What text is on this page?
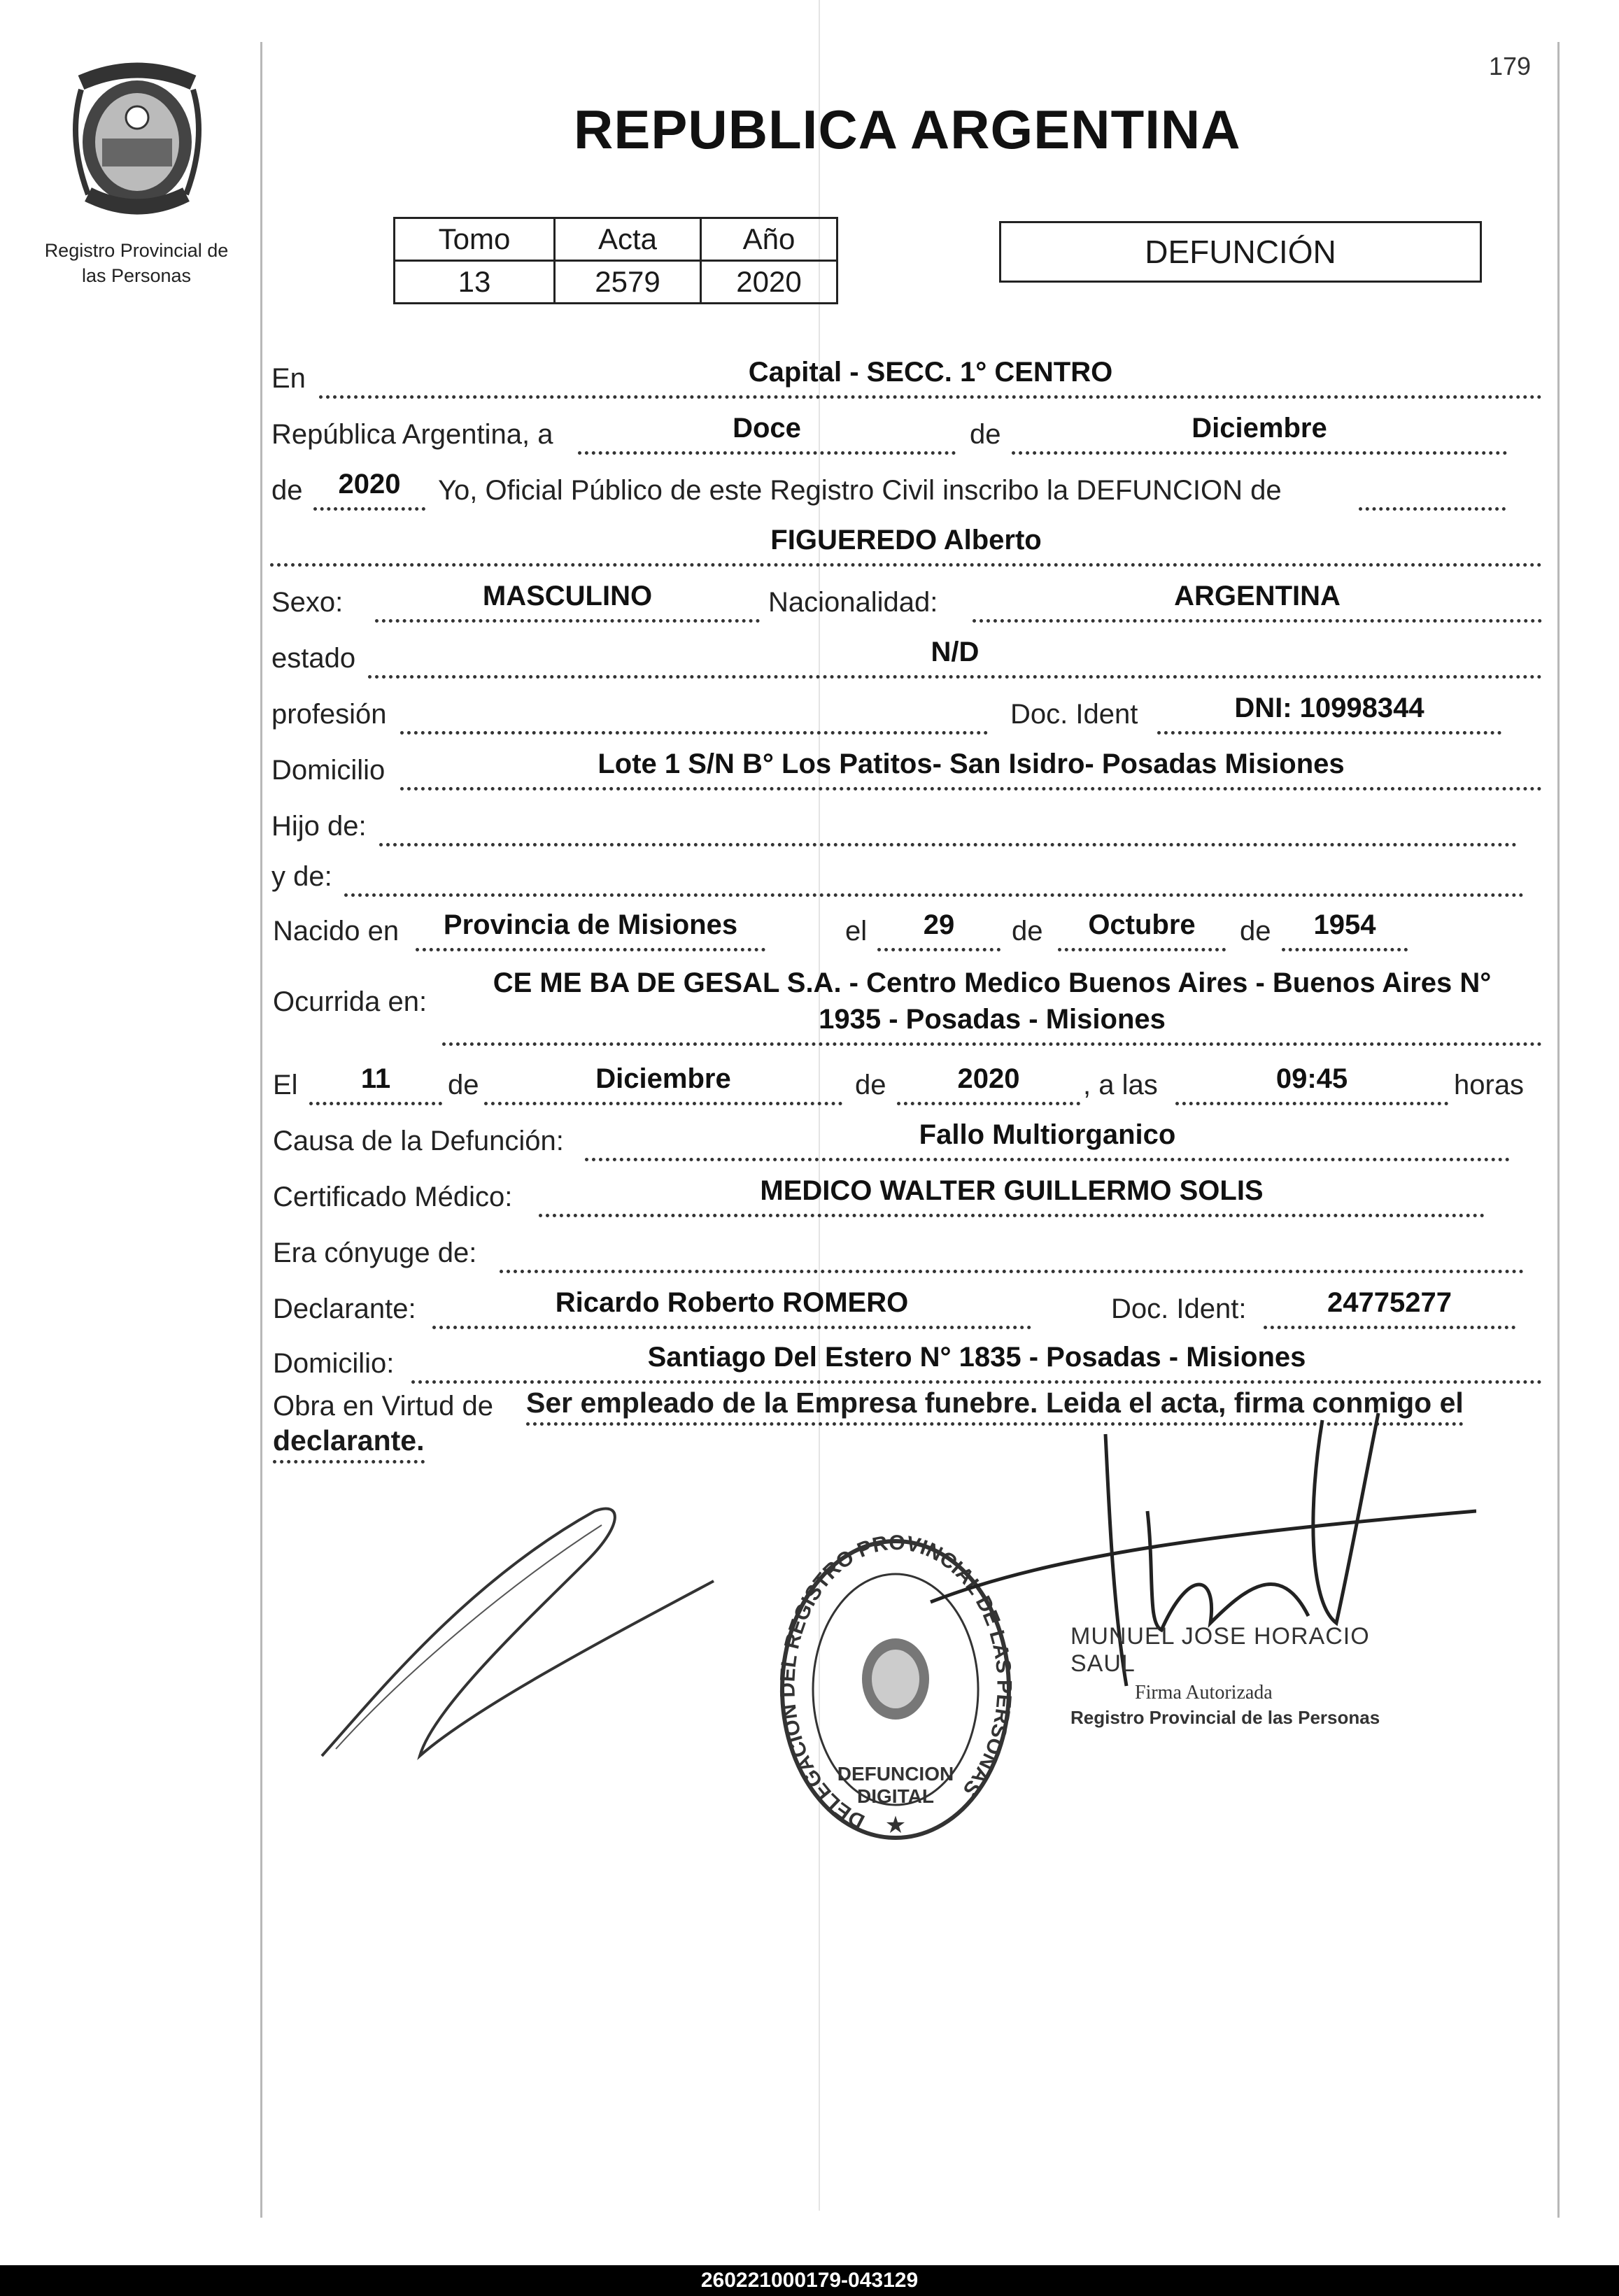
179
Registro Provincial de
las Personas
REPUBLICA ARGENTINA
Tomo	Acta	Año
13	2579	2020
DEFUNCIÓN
En	Capital - SECC. 1° CENTRO
República Argentina, a	Doce	de	Diciembre
de	2020	Yo, Oficial Público de este Registro Civil inscribo la DEFUNCION de
FIGUEREDO Alberto
Sexo:	MASCULINO	Nacionalidad:	ARGENTINA
estado	N/D
profesión	Doc. Ident	DNI: 10998344
Domicilio	Lote 1 S/N B° Los Patitos- San Isidro- Posadas Misiones
Hijo de:
y de:
Nacido en	Provincia de Misiones	el	29	de	Octubre	de	1954
Ocurrida en:
CE ME BA DE GESAL S.A. - Centro Medico Buenos Aires - Buenos Aires N°
1935 - Posadas - Misiones
El	11	de	Diciembre	de	2020	, a las	09:45	horas
Causa de la Defunción:	Fallo Multiorganico
Certificado Médico:	MEDICO WALTER GUILLERMO SOLIS
Era cónyuge de:
Declarante:	Ricardo Roberto ROMERO	Doc. Ident:	24775277
Domicilio:	Santiago Del Estero N° 1835 - Posadas - Misiones
Obra en Virtud de Ser empleado de la Empresa funebre. Leida el acta, firma conmigo el
declarante.
DELEGACION DEL REGISTRO PROVINCIAL DE LAS PERSONAS
★
DEFUNCION DIGITAL
MUNUEL JOSE HORACIO SAUL
Firma Autorizada
Registro Provincial de las Personas
260221000179-043129
